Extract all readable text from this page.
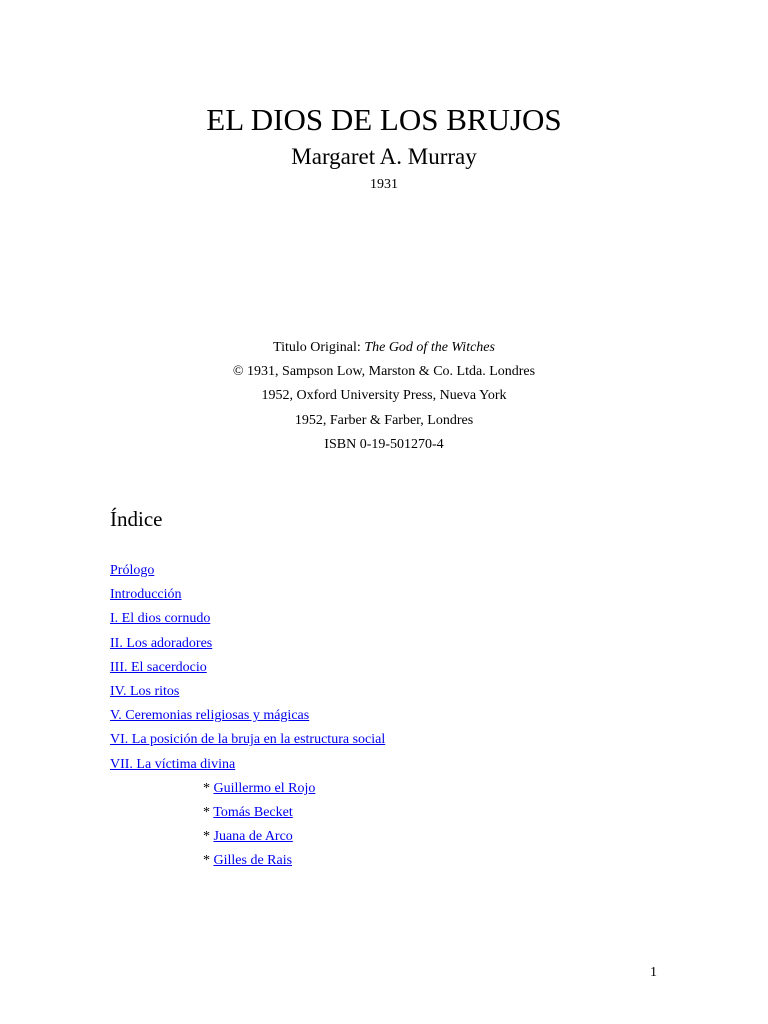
EL DIOS DE LOS BRUJOS
Margaret A. Murray
1931
Titulo Original: The God of the Witches
© 1931, Sampson Low, Marston & Co. Ltda. Londres
1952, Oxford University Press, Nueva York
1952, Farber & Farber, Londres
ISBN 0-19-501270-4
Índice
Prólogo
Introducción
I. El dios cornudo
II. Los adoradores
III. El sacerdocio
IV. Los ritos
V. Ceremonias religiosas y mágicas
VI. La posición de la bruja en la estructura social
VII. La víctima divina
* Guillermo el Rojo
* Tomás Becket
* Juana de Arco
* Gilles de Rais
1
